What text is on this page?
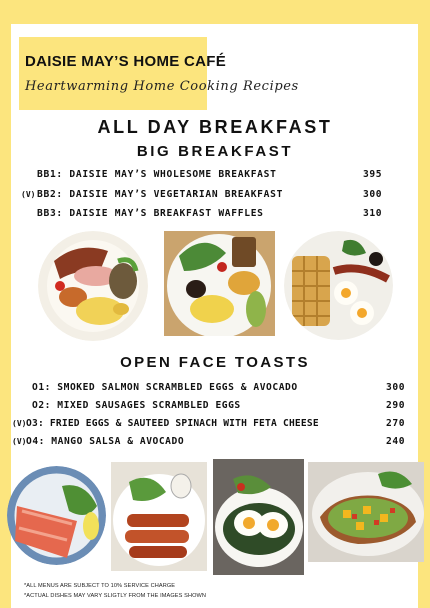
DAISIE MAY’S HOME CAFÉ
Heartwarming Home Cooking Recipes
ALL DAY BREAKFAST
BIG BREAKFAST
BB1: DAISIE MAY’S WHOLESOME BREAKFAST	395
(V) BB2: DAISIE MAY’S VEGETARIAN BREAKFAST	300
BB3: DAISIE MAY’S BREAKFAST WAFFLES	310
OPEN FACE TOASTS
O1: SMOKED SALMON SCRAMBLED EGGS & AVOCADO	300
O2: MIXED SAUSAGES SCRAMBLED EGGS	290
(V) O3: FRIED EGGS & SAUTEED SPINACH WITH FETA CHEESE	270
(V) O4: MANGO SALSA & AVOCADO	240
*ALL MENUS ARE SUBJECT TO 10% SERVICE CHARGE
*ACTUAL DISHES MAY VARY SLIGTLY FROM THE IMAGES SHOWN
